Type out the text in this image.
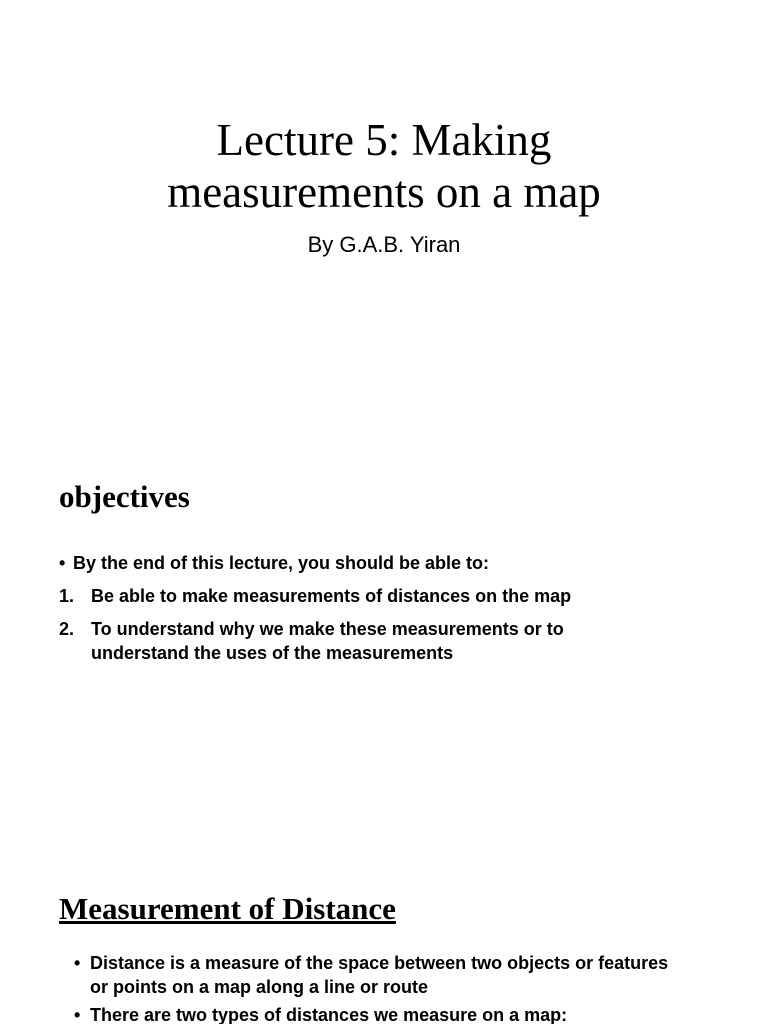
Lecture 5: Making
measurements on a map
By G.A.B. Yiran
objectives
• By the end of this lecture, you should be able to:
1. Be able to make measurements of distances on the map
2. To understand why we make these measurements or to understand the uses of the measurements
Measurement of Distance
• Distance is a measure of the space between two objects or features or points on a map along a line or route
• There are two types of distances we measure on a map:
